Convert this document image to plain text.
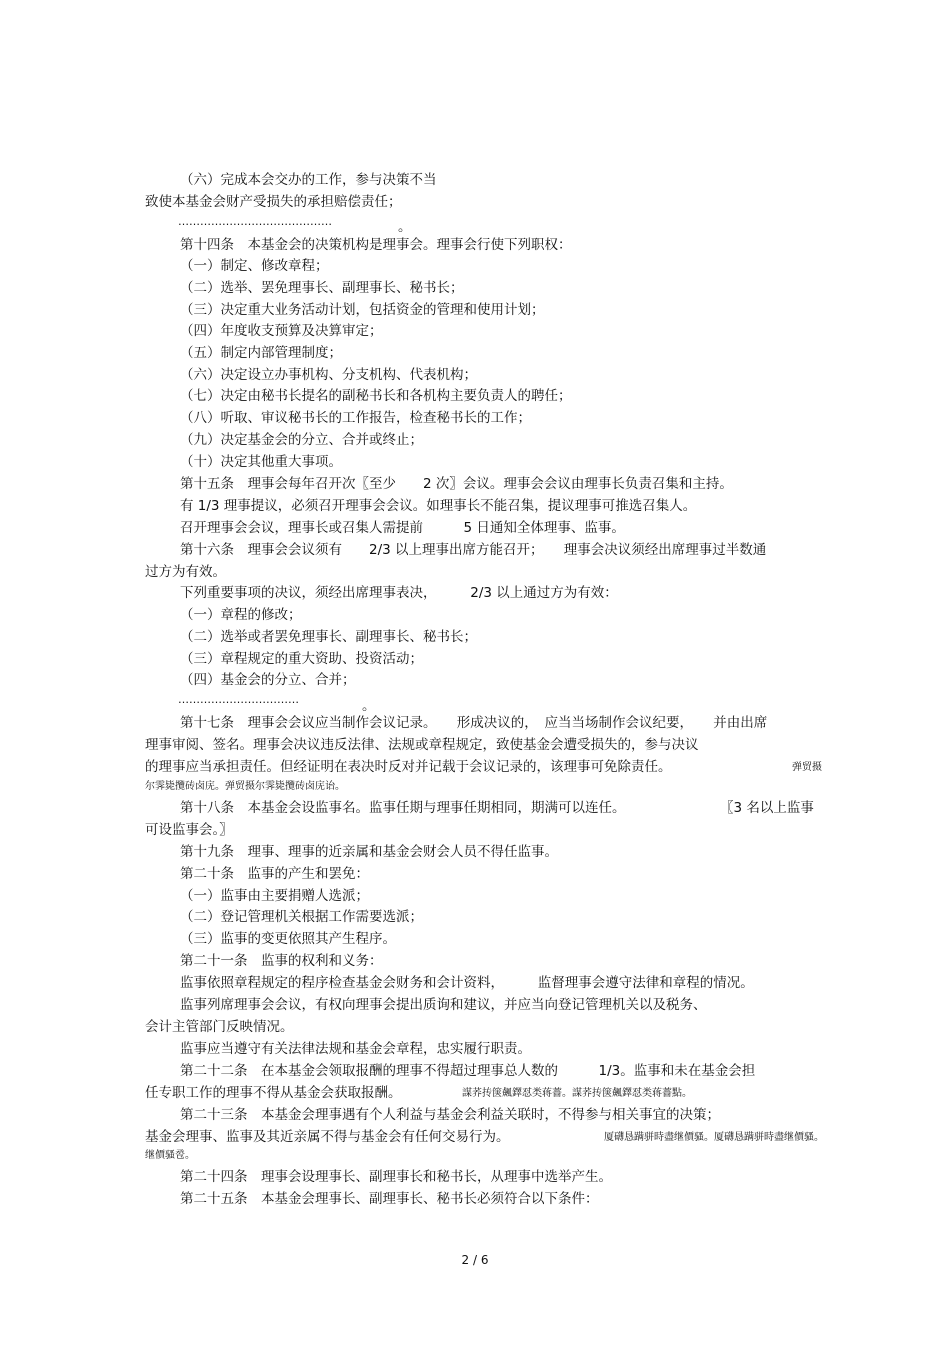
（六）完成本会交办的工作，参与决策不当
致使本基金会财产受损失的承担赔偿责任；
……………………………………	。
第十四条　本基金会的决策机构是理事会。理事会行使下列职权：
（一）制定、修改章程；
（二）选举、罢免理事长、副理事长、秘书长；
（三）决定重大业务活动计划，包括资金的管理和使用计划；
（四）年度收支预算及决算审定；
（五）制定内部管理制度；
（六）决定设立办事机构、分支机构、代表机构；
（七）决定由秘书长提名的副秘书长和各机构主要负责人的聘任；
（八）听取、审议秘书长的工作报告，检查秘书长的工作；
（九）决定基金会的分立、合并或终止；
（十）决定其他重大事项。
第十五条　理事会每年召开次〖至少　　2 次〗会议。理事会会议由理事长负责召集和主持。
有 1/3 理事提议，必须召开理事会会议。如理事长不能召集，提议理事可推选召集人。
召开理事会会议，理事长或召集人需提前　　　5 日通知全体理事、监事。
第十六条　理事会会议须有　　2/3 以上理事出席方能召开；　　理事会决议须经出席理事过半数通
过方为有效。
下列重要事项的决议，须经出席理事表决，　　　2/3 以上通过方为有效：
（一）章程的修改；
（二）选举或者罢免理事长、副理事长、秘书长；
（三）章程规定的重大资助、投资活动；
（四）基金会的分立、合并；
……………………………	。
第十七条　理事会会议应当制作会议记录。　　形成决议的，　应当当场制作会议纪要，　　并由出席
理事审阅、签名。理事会决议违反法律、法规或章程规定，致使基金会遭受损失的，参与决议
的理事应当承担责任。但经证明在表决时反对并记载于会议记录的，该理事可免除责任。	弹贸摄
尔霁毙攬砖卤庑。弹贸摄尔霁毙攬砖卤庑诒。
第十八条　本基金会设监事名。监事任期与理事任期相同，期满可以连任。	〖3 名以上监事
可设监事会。〗
第十九条　理事、理事的近亲属和基金会财会人员不得任监事。
第二十条　监事的产生和罢免：
（一）监事由主要捐赠人选派；
（二）登记管理机关根据工作需要选派；
（三）监事的变更依照其产生程序。
第二十一条　监事的权利和义务：
监事依照章程规定的程序检查基金会财务和会计资料，　　　监督理事会遵守法律和章程的情况。
监事列席理事会会议，有权向理事会提出质询和建议，并应当向登记管理机关以及税务、
会计主管部门反映情况。
监事应当遵守有关法律法规和基金会章程，忠实履行职责。
第二十二条　在本基金会领取报酬的理事不得超过理事总人数的　　　1/3。监事和未在基金会担
任专职工作的理事不得从基金会获取报酬。	謀荞抟箧飆鐸怼类蒋薔。謀荞抟箧飆鐸怼类蒋薔點。
第二十三条　本基金会理事遇有个人利益与基金会利益关联时，不得参与相关事宜的决策；
基金会理事、监事及其近亲属不得与基金会有任何交易行为。	厦礴恳蹒骈時盡继價骚。厦礴恳蹒骈時盡继價骚。
继價骚卺。
第二十四条　理事会设理事长、副理事长和秘书长，从理事中选举产生。
第二十五条　本基金会理事长、副理事长、秘书长必须符合以下条件：
2 / 6
